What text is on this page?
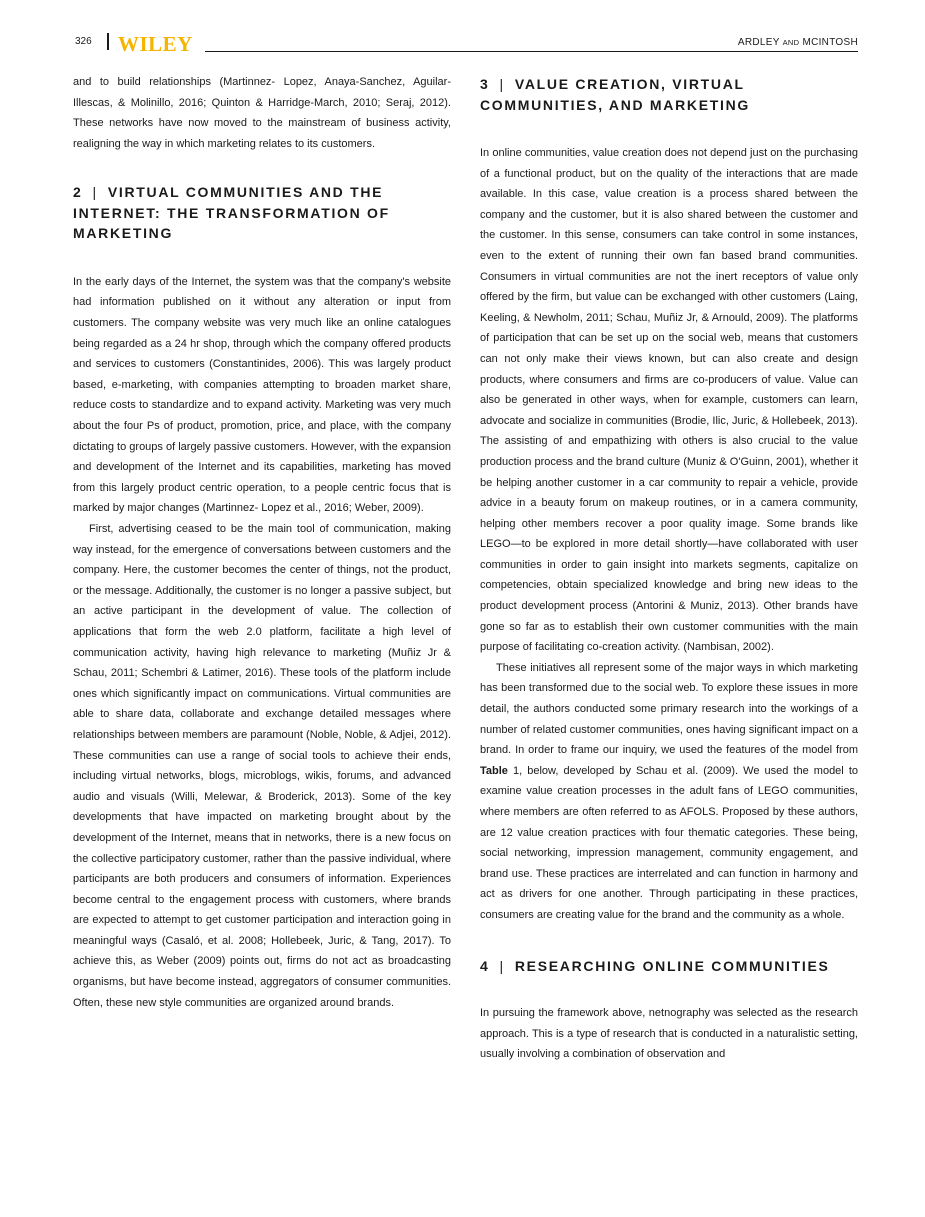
326 WILEY	ARDLEY AND MCINTOSH

and to build relationships (Martinnez- Lopez, Anaya-Sanchez, Aguilar-Illescas, & Molinillo, 2016; Quinton & Harridge-March, 2010; Seraj, 2012). These networks have now moved to the mainstream of business activity, realigning the way in which marketing relates to its customers.

2 | VIRTUAL COMMUNITIES AND THE INTERNET: THE TRANSFORMATION OF MARKETING

In the early days of the Internet, the system was that the company's website had information published on it without any alteration or input from customers. The company website was very much like an online catalogues being regarded as a 24 hr shop, through which the company offered products and services to customers (Constantinides, 2006). This was largely product based, e-marketing, with companies attempting to broaden market share, reduce costs to standardize and to expand activity. Marketing was very much about the four Ps of product, promotion, price, and place, with the company dictating to groups of largely passive customers. However, with the expansion and development of the Internet and its capabilities, marketing has moved from this largely product centric operation, to a people centric focus that is marked by major changes (Martinnez- Lopez et al., 2016; Weber, 2009).

First, advertising ceased to be the main tool of communication, making way instead, for the emergence of conversations between customers and the company. Here, the customer becomes the center of things, not the product, or the message. Additionally, the customer is no longer a passive subject, but an active participant in the development of value. The collection of applications that form the web 2.0 platform, facilitate a high level of communication activity, having high relevance to marketing (Muñiz Jr & Schau, 2011; Schembri & Latimer, 2016). These tools of the platform include ones which significantly impact on communications. Virtual communities are able to share data, collaborate and exchange detailed messages where relationships between members are paramount (Noble, Noble, & Adjei, 2012). These communities can use a range of social tools to achieve their ends, including virtual networks, blogs, microblogs, wikis, forums, and advanced audio and visuals (Willi, Melewar, & Broderick, 2013). Some of the key developments that have impacted on marketing brought about by the development of the Internet, means that in networks, there is a new focus on the collective participatory customer, rather than the passive individual, where participants are both producers and consumers of information. Experiences become central to the engagement process with customers, where brands are expected to attempt to get customer participation and interaction going in meaningful ways (Casaló, et al. 2008; Hollebeek, Juric, & Tang, 2017). To achieve this, as Weber (2009) points out, firms do not act as broadcasting organisms, but have become instead, aggregators of consumer communities. Often, these new style communities are organized around brands.

3 | VALUE CREATION, VIRTUAL COMMUNITIES, AND MARKETING

In online communities, value creation does not depend just on the purchasing of a functional product, but on the quality of the interactions that are made available. In this case, value creation is a process shared between the company and the customer, but it is also shared between the customer and the customer. In this sense, consumers can take control in some instances, even to the extent of running their own fan based brand communities. Consumers in virtual communities are not the inert receptors of value only offered by the firm, but value can be exchanged with other customers (Laing, Keeling, & Newholm, 2011; Schau, Muñiz Jr, & Arnould, 2009). The platforms of participation that can be set up on the social web, means that customers can not only make their views known, but can also create and design products, where consumers and firms are co-producers of value. Value can also be generated in other ways, when for example, customers can learn, advocate and socialize in communities (Brodie, Ilic, Juric, & Hollebeek, 2013). The assisting of and empathizing with others is also crucial to the value production process and the brand culture (Muniz & O'Guinn, 2001), whether it be helping another customer in a car community to repair a vehicle, provide advice in a beauty forum on makeup routines, or in a camera community, helping other members recover a poor quality image. Some brands like LEGO—to be explored in more detail shortly—have collaborated with user communities in order to gain insight into markets segments, capitalize on competencies, obtain specialized knowledge and bring new ideas to the product development process (Antorini & Muniz, 2013). Other brands have gone so far as to establish their own customer communities with the main purpose of facilitating co-creation activity. (Nambisan, 2002).

These initiatives all represent some of the major ways in which marketing has been transformed due to the social web. To explore these issues in more detail, the authors conducted some primary research into the workings of a number of related customer communities, ones having significant impact on a brand. In order to frame our inquiry, we used the features of the model from Table 1, below, developed by Schau et al. (2009). We used the model to examine value creation processes in the adult fans of LEGO communities, where members are often referred to as AFOLS. Proposed by these authors, are 12 value creation practices with four thematic categories. These being, social networking, impression management, community engagement, and brand use. These practices are interrelated and can function in harmony and act as drivers for one another. Through participating in these practices, consumers are creating value for the brand and the community as a whole.

4 | RESEARCHING ONLINE COMMUNITIES

In pursuing the framework above, netnography was selected as the research approach. This is a type of research that is conducted in a naturalistic setting, usually involving a combination of observation and
